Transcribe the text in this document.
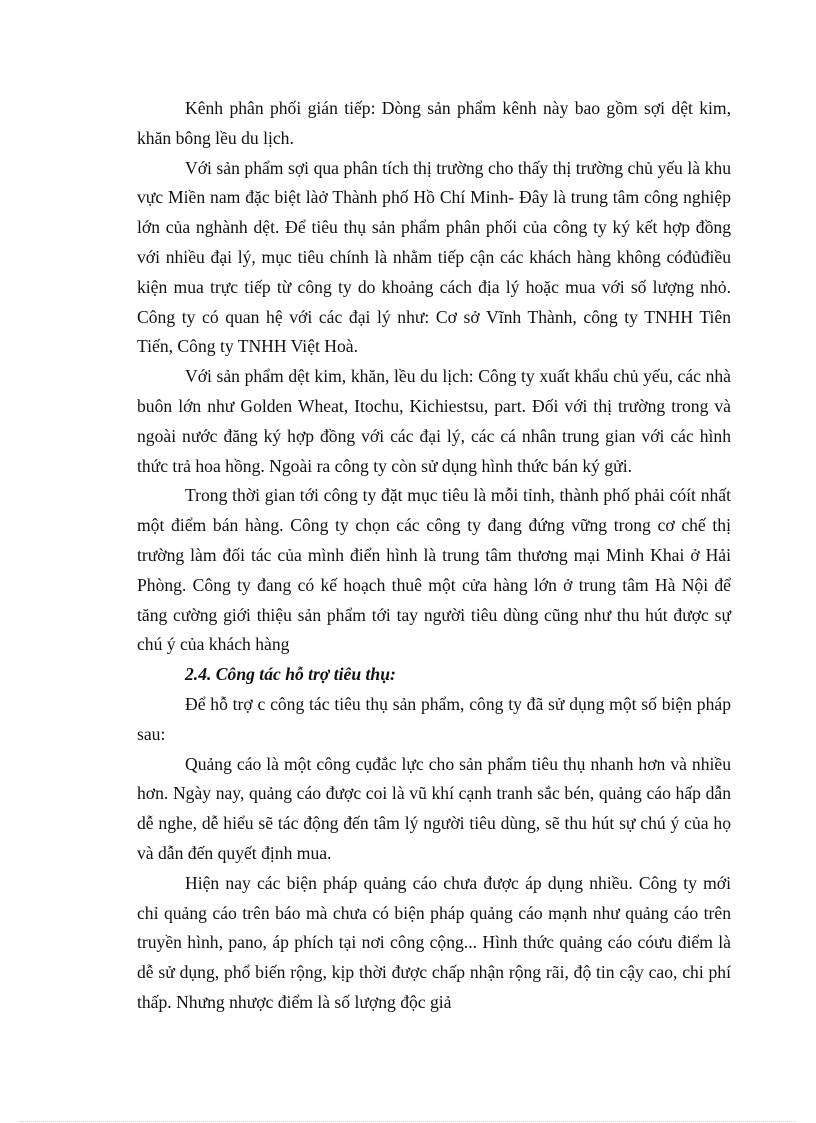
Kênh phân phối gián tiếp: Dòng sản phẩm kênh này bao gồm sợi dệt kim, khăn bông lều du lịch.

Với sản phẩm sợi qua phân tích thị trường cho thấy thị trường chủ yếu là khu vực Miền nam đặc biệt làở Thành phố Hồ Chí Minh- Đây là trung tâm công nghiệp lớn của nghành dệt. Để tiêu thụ sản phẩm phân phối của công ty ký kết hợp đồng với nhiều đại lý, mục tiêu chính là nhằm tiếp cận các khách hàng không cóđủđiều kiện mua trực tiếp từ công ty do khoảng cách địa lý hoặc mua với số lượng nhỏ. Công ty có quan hệ với các đại lý như: Cơ sở Vĩnh Thành, công ty TNHH Tiên Tiến, Công ty TNHH Việt Hoà.

Với sản phẩm dệt kim, khăn, lều du lịch: Công ty xuất khẩu chủ yếu, các nhà buôn lớn như Golden Wheat, Itochu, Kichiestsu, part. Đối với thị trường trong và ngoài nước đăng ký hợp đồng với các đại lý, các cá nhân trung gian với các hình thức trả hoa hồng. Ngoài ra công ty còn sử dụng hình thức bán ký gửi.

Trong thời gian tới công ty đặt mục tiêu là mỗi tỉnh, thành phố phải cóít nhất một điểm bán hàng. Công ty chọn các công ty đang đứng vững trong cơ chế thị trường làm đối tác của mình điển hình là trung tâm thương mại Minh Khai ở Hải Phòng. Công ty đang có kế hoạch thuê một cửa hàng lớn ở trung tâm Hà Nội để tăng cường giới thiệu sản phẩm tới tay người tiêu dùng cũng như thu hút được sự chú ý của khách hàng

2.4. Công tác hỗ trợ tiêu thụ:

Để hỗ trợ c công tác tiêu thụ sản phẩm, công ty đã sử dụng một số biện pháp sau:

Quảng cáo là một công cụđắc lực cho sản phẩm tiêu thụ nhanh hơn và nhiều hơn. Ngày nay, quảng cáo được coi là vũ khí cạnh tranh sắc bén, quảng cáo hấp dẫn dễ nghe, dễ hiểu sẽ tác động đến tâm lý người tiêu dùng, sẽ thu hút sự chú ý của họ và dẫn đến quyết định mua.

Hiện nay các biện pháp quảng cáo chưa được áp dụng nhiều. Công ty mới chỉ quảng cáo trên báo mà chưa có biện pháp quảng cáo mạnh như quảng cáo trên truyền hình, pano, áp phích tại nơi công cộng... Hình thức quảng cáo cóưu điểm là dễ sử dụng, phổ biến rộng, kịp thời được chấp nhận rộng rãi, độ tin cậy cao, chi phí thấp. Nhưng nhược điểm là số lượng độc giả
